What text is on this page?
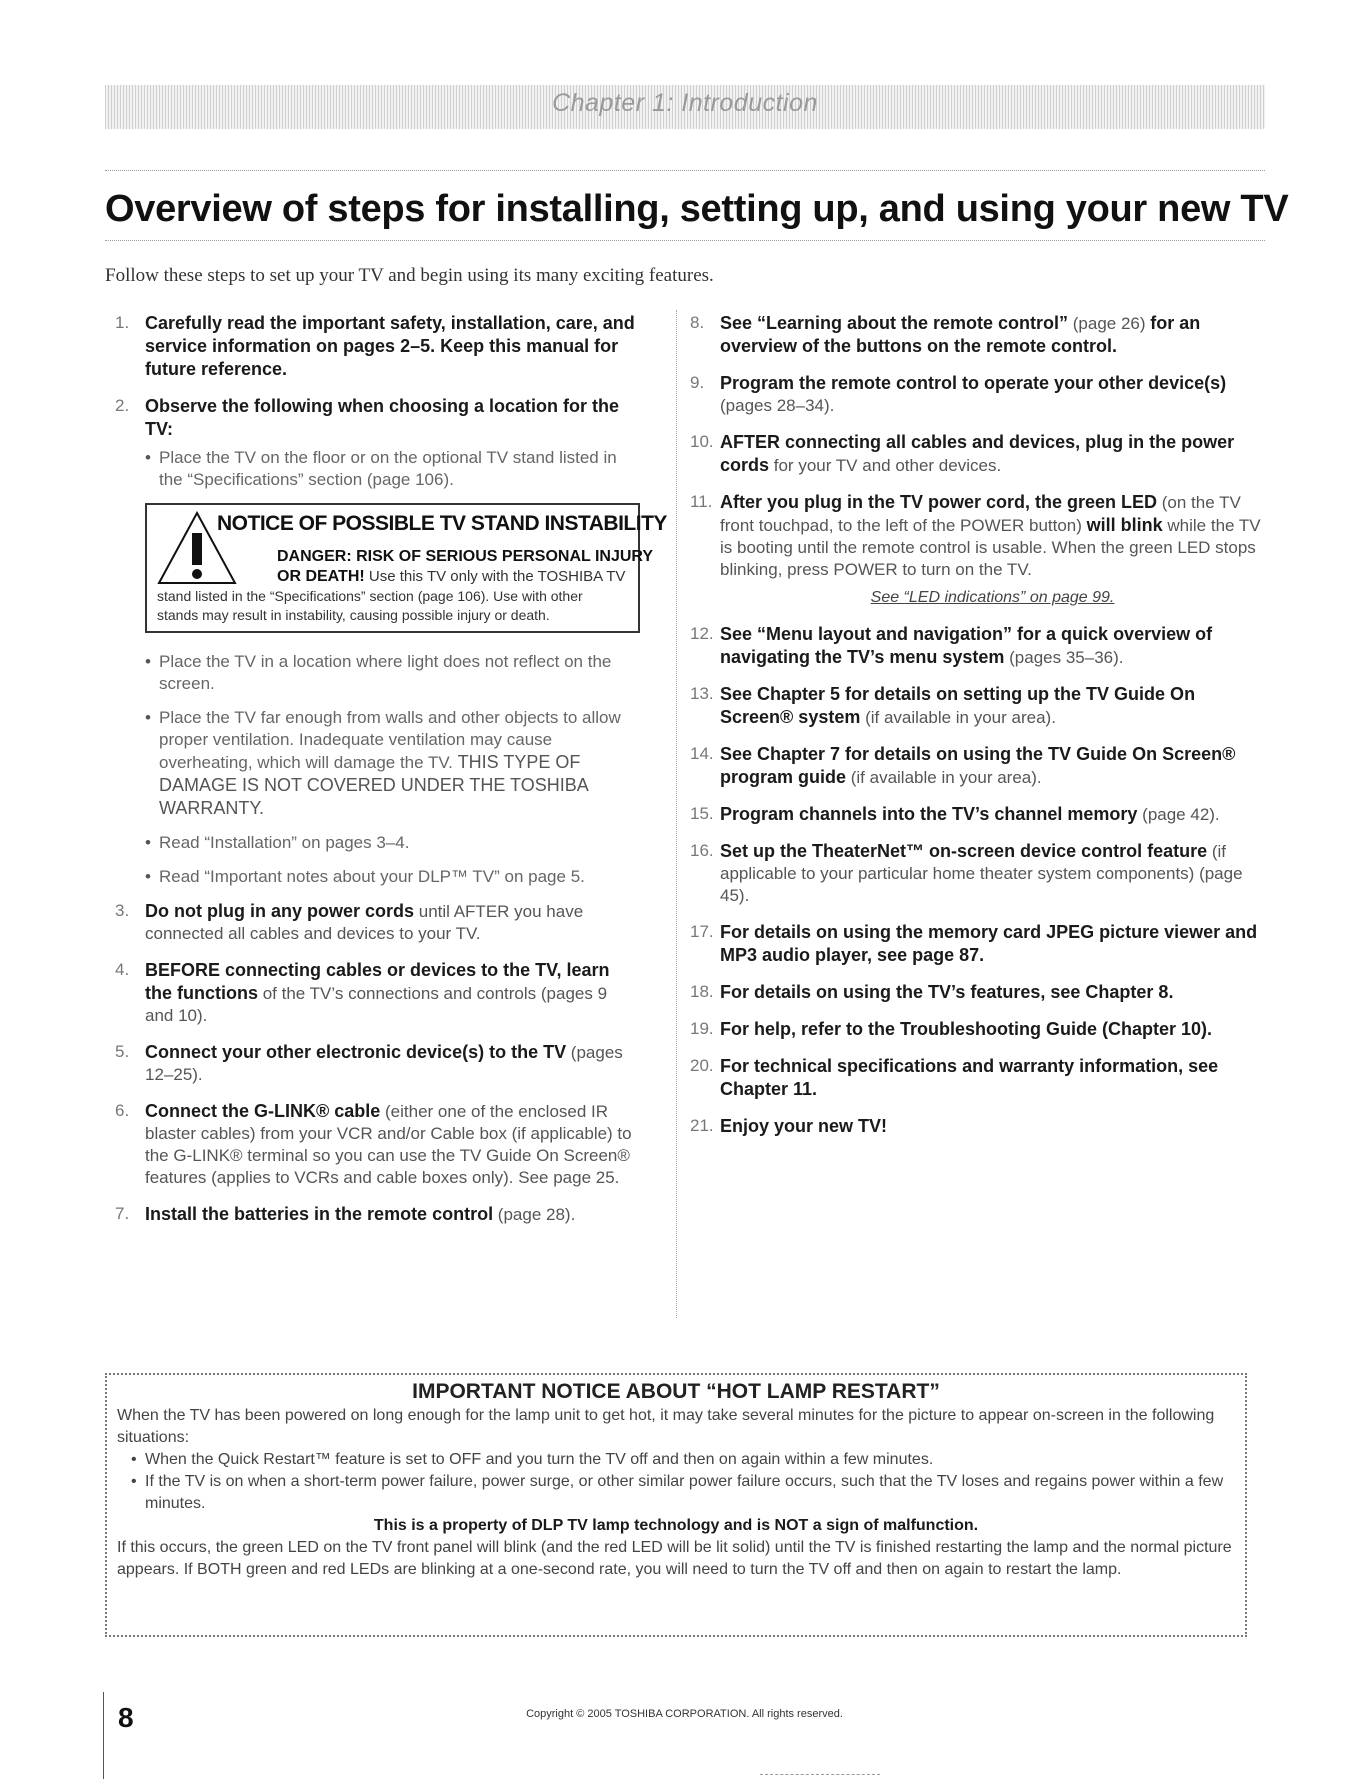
Chapter 1: Introduction
Overview of steps for installing, setting up, and using your new TV
Follow these steps to set up your TV and begin using its many exciting features.
1. Carefully read the important safety, installation, care, and service information on pages 2–5. Keep this manual for future reference.
2. Observe the following when choosing a location for the TV:
• Place the TV on the floor or on the optional TV stand listed in the “Specifications” section (page 106).
NOTICE OF POSSIBLE TV STAND INSTABILITY
DANGER: RISK OF SERIOUS PERSONAL INJURY
OR DEATH! Use this TV only with the TOSHIBA TV
stand listed in the “Specifications” section (page 106). Use with other
stands may result in instability, causing possible injury or death.
• Place the TV in a location where light does not reflect on the screen.
• Place the TV far enough from walls and other objects to allow proper ventilation. Inadequate ventilation may cause overheating, which will damage the TV. THIS TYPE OF DAMAGE IS NOT COVERED UNDER THE TOSHIBA WARRANTY.
• Read “Installation” on pages 3–4.
• Read “Important notes about your DLP™ TV” on page 5.
3. Do not plug in any power cords until AFTER you have connected all cables and devices to your TV.
4. BEFORE connecting cables or devices to the TV, learn the functions of the TV’s connections and controls (pages 9 and 10).
5. Connect your other electronic device(s) to the TV (pages 12–25).
6. Connect the G-LINK® cable (either one of the enclosed IR blaster cables) from your VCR and/or Cable box (if applicable) to the G-LINK® terminal so you can use the TV Guide On Screen® features (applies to VCRs and cable boxes only). See page 25.
7. Install the batteries in the remote control (page 28).
8. See “Learning about the remote control” (page 26) for an overview of the buttons on the remote control.
9. Program the remote control to operate your other device(s) (pages 28–34).
10. AFTER connecting all cables and devices, plug in the power cords for your TV and other devices.
11. After you plug in the TV power cord, the green LED (on the TV front touchpad, to the left of the POWER button) will blink while the TV is booting until the remote control is usable. When the green LED stops blinking, press POWER to turn on the TV.
See “LED indications” on page 99.
12. See “Menu layout and navigation” for a quick overview of navigating the TV’s menu system (pages 35–36).
13. See Chapter 5 for details on setting up the TV Guide On Screen® system (if available in your area).
14. See Chapter 7 for details on using the TV Guide On Screen® program guide (if available in your area).
15. Program channels into the TV’s channel memory (page 42).
16. Set up the TheaterNet™ on-screen device control feature (if applicable to your particular home theater system components) (page 45).
17. For details on using the memory card JPEG picture viewer and MP3 audio player, see page 87.
18. For details on using the TV’s features, see Chapter 8.
19. For help, refer to the Troubleshooting Guide (Chapter 10).
20. For technical specifications and warranty information, see Chapter 11.
21. Enjoy your new TV!
IMPORTANT NOTICE ABOUT “HOT LAMP RESTART”
When the TV has been powered on long enough for the lamp unit to get hot, it may take several minutes for the picture to appear on-screen in the following situations:
• When the Quick Restart™ feature is set to OFF and you turn the TV off and then on again within a few minutes.
• If the TV is on when a short-term power failure, power surge, or other similar power failure occurs, such that the TV loses and regains power within a few minutes.
This is a property of DLP TV lamp technology and is NOT a sign of malfunction.
If this occurs, the green LED on the TV front panel will blink (and the red LED will be lit solid) until the TV is finished restarting the lamp and the normal picture appears. If BOTH green and red LEDs are blinking at a one-second rate, you will need to turn the TV off and then on again to restart the lamp.
8	Copyright © 2005 TOSHIBA CORPORATION. All rights reserved.
